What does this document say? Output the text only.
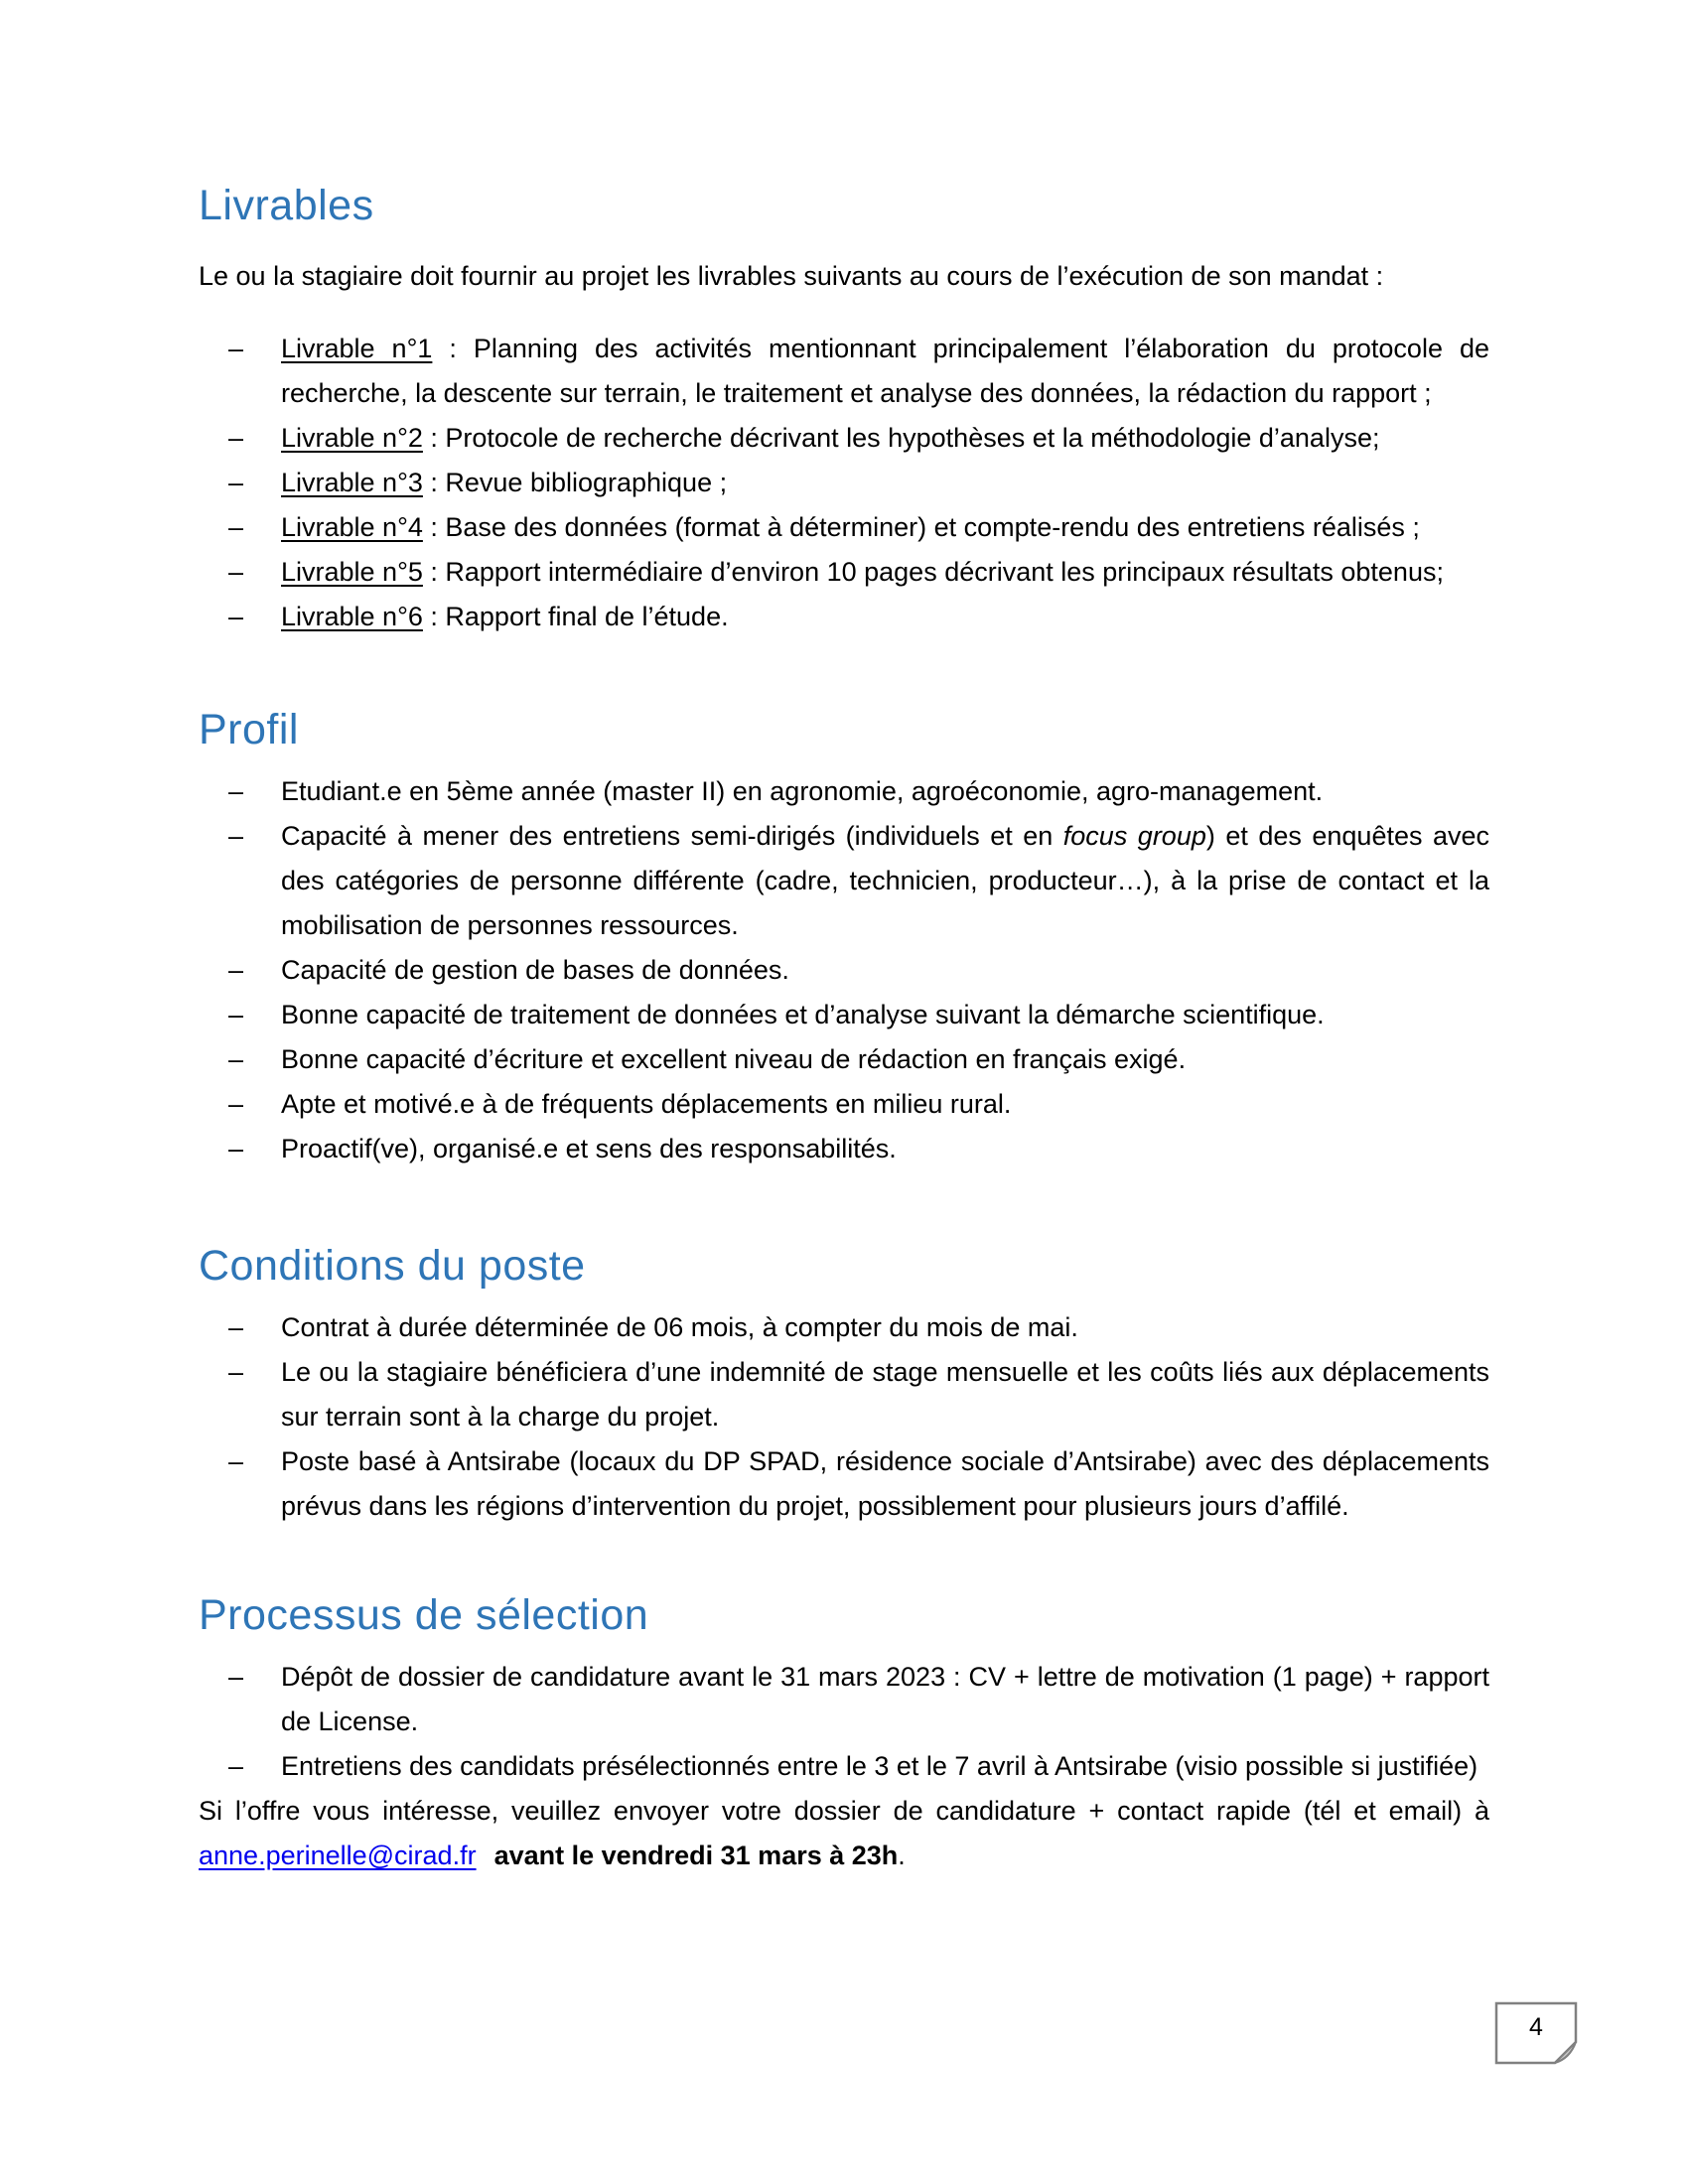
Livrables

Le ou la stagiaire doit fournir au projet les livrables suivants au cours de l’exécution de son mandat :

– Livrable n°1 : Planning des activités mentionnant principalement l’élaboration du protocole de recherche, la descente sur terrain, le traitement et analyse des données, la rédaction du rapport ;
– Livrable n°2 : Protocole de recherche décrivant les hypothèses et la méthodologie d’analyse;
– Livrable n°3 : Revue bibliographique ;
– Livrable n°4 : Base des données (format à déterminer) et compte-rendu des entretiens réalisés ;
– Livrable n°5 : Rapport intermédiaire d’environ 10 pages décrivant les principaux résultats obtenus;
– Livrable n°6 : Rapport final de l’étude.
Profil
– Etudiant.e en 5ème année (master II) en agronomie, agroéconomie, agro-management.
– Capacité à mener des entretiens semi-dirigés (individuels et en focus group) et des enquêtes avec des catégories de personne différente (cadre, technicien, producteur…), à la prise de contact et la mobilisation de personnes ressources.
– Capacité de gestion de bases de données.
– Bonne capacité de traitement de données et d’analyse suivant la démarche scientifique.
– Bonne capacité d’écriture et excellent niveau de rédaction en français exigé.
– Apte et motivé.e à de fréquents déplacements en milieu rural.
– Proactif(ve), organisé.e et sens des responsabilités.
Conditions du poste
– Contrat à durée déterminée de 06 mois, à compter du mois de mai.
– Le ou la stagiaire bénéficiera d’une indemnité de stage mensuelle et les coûts liés aux déplacements sur terrain sont à la charge du projet.
– Poste basé à Antsirabe (locaux du DP SPAD, résidence sociale d’Antsirabe) avec des déplacements prévus dans les régions d’intervention du projet, possiblement pour plusieurs jours d’affilé.
Processus de sélection
– Dépôt de dossier de candidature avant le 31 mars 2023 : CV + lettre de motivation (1 page) + rapport de License.
– Entretiens des candidats présélectionnés entre le 3 et le 7 avril à Antsirabe (visio possible si justifiée)

Si l’offre vous intéresse, veuillez envoyer votre dossier de candidature + contact rapide (tél et email) à

anne.perinelle@cirad.fr avant le vendredi 31 mars à 23h.

4
